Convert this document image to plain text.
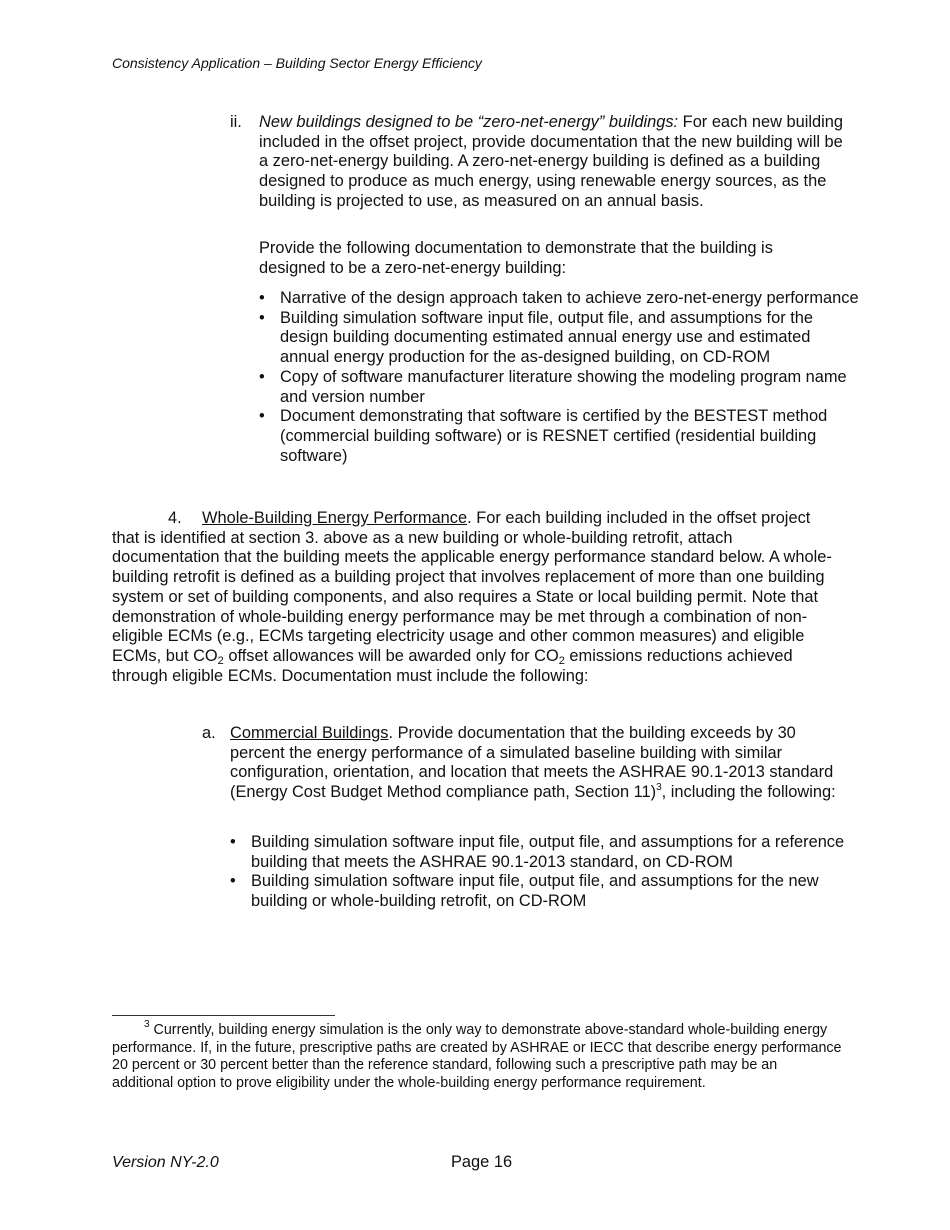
Consistency Application – Building Sector Energy Efficiency
ii. New buildings designed to be “zero-net-energy” buildings: For each new building included in the offset project, provide documentation that the new building will be a zero-net-energy building. A zero-net-energy building is defined as a building designed to produce as much energy, using renewable energy sources, as the building is projected to use, as measured on an annual basis.

Provide the following documentation to demonstrate that the building is designed to be a zero-net-energy building:

• Narrative of the design approach taken to achieve zero-net-energy performance
• Building simulation software input file, output file, and assumptions for the design building documenting estimated annual energy use and estimated annual energy production for the as-designed building, on CD-ROM
• Copy of software manufacturer literature showing the modeling program name and version number
• Document demonstrating that software is certified by the BESTEST method (commercial building software) or is RESNET certified (residential building software)

4. Whole-Building Energy Performance. For each building included in the offset project that is identified at section 3. above as a new building or whole-building retrofit, attach documentation that the building meets the applicable energy performance standard below. A whole-building retrofit is defined as a building project that involves replacement of more than one building system or set of building components, and also requires a State or local building permit. Note that demonstration of whole-building energy performance may be met through a combination of non-eligible ECMs (e.g., ECMs targeting electricity usage and other common measures) and eligible ECMs, but $CO_2$ offset allowances will be awarded only for $CO_2$ emissions reductions achieved through eligible ECMs. Documentation must include the following:

a. Commercial Buildings. Provide documentation that the building exceeds by 30 percent the energy performance of a simulated baseline building with similar configuration, orientation, and location that meets the ASHRAE 90.1-2013 standard (Energy Cost Budget Method compliance path, Section 11)$^3$, including the following:

• Building simulation software input file, output file, and assumptions for a reference building that meets the ASHRAE 90.1-2013 standard, on CD-ROM
• Building simulation software input file, output file, and assumptions for the new building or whole-building retrofit, on CD-ROM

$^3$ Currently, building energy simulation is the only way to demonstrate above-standard whole-building energy performance. If, in the future, prescriptive paths are created by ASHRAE or IECC that describe energy performance 20 percent or 30 percent better than the reference standard, following such a prescriptive path may be an additional option to prove eligibility under the whole-building energy performance requirement.

Version NY-2.0	Page 16
